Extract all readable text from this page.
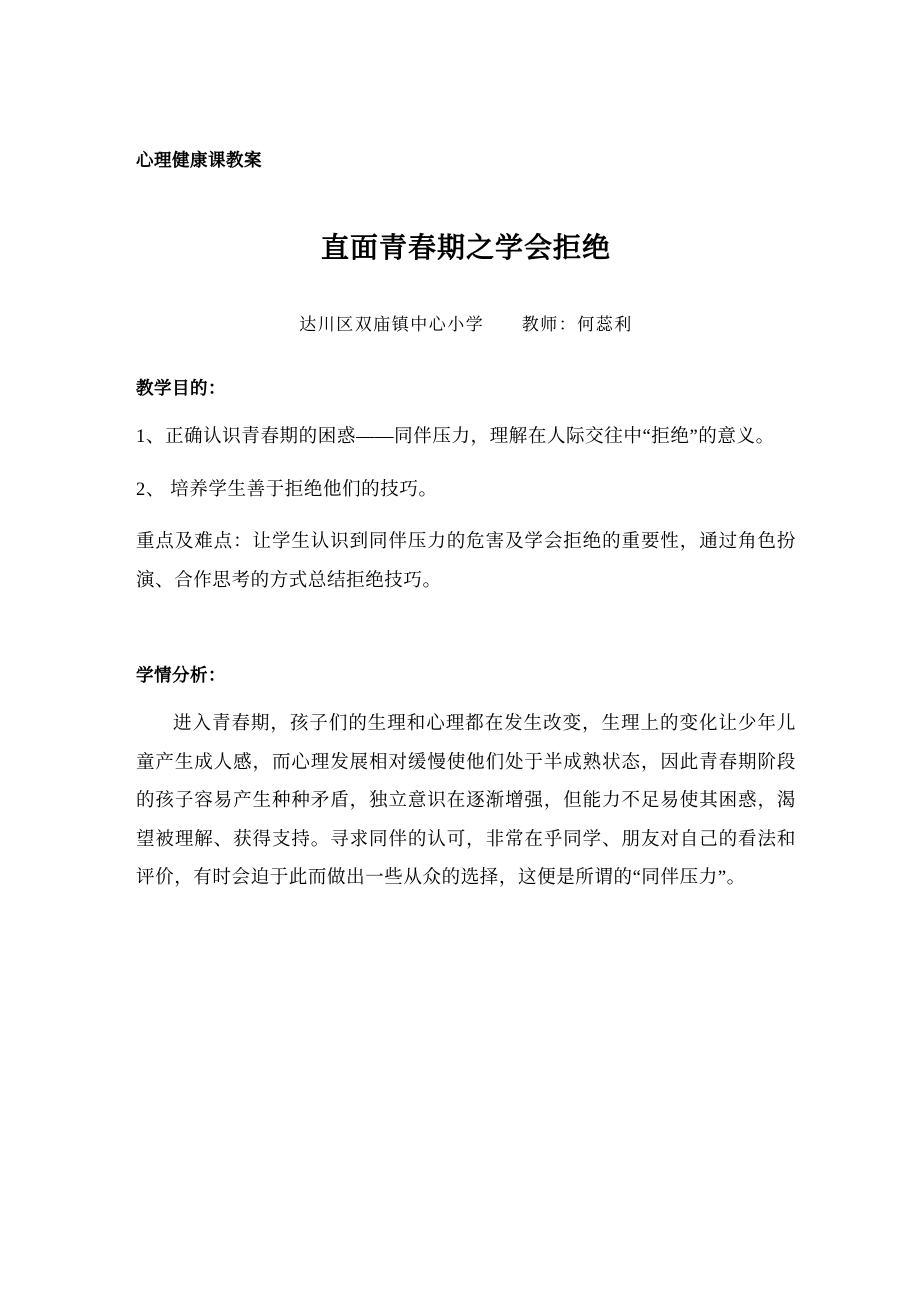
心理健康课教案
直面青春期之学会拒绝
达川区双庙镇中心小学 教师：何蕊利
教学目的：
1、正确认识青春期的困惑——同伴压力，理解在人际交往中“拒绝”的意义。
2、 培养学生善于拒绝他们的技巧。
重点及难点：让学生认识到同伴压力的危害及学会拒绝的重要性，通过角色扮演、合作思考的方式总结拒绝技巧。
学情分析：
进入青春期，孩子们的生理和心理都在发生改变，生理上的变化让少年儿童产生成人感，而心理发展相对缓慢使他们处于半成熟状态，因此青春期阶段的孩子容易产生种种矛盾，独立意识在逐渐增强，但能力不足易使其困惑，渴望被理解、获得支持。寻求同伴的认可，非常在乎同学、朋友对自己的看法和评价，有时会迫于此而做出一些从众的选择，这便是所谓的“同伴压力”。
